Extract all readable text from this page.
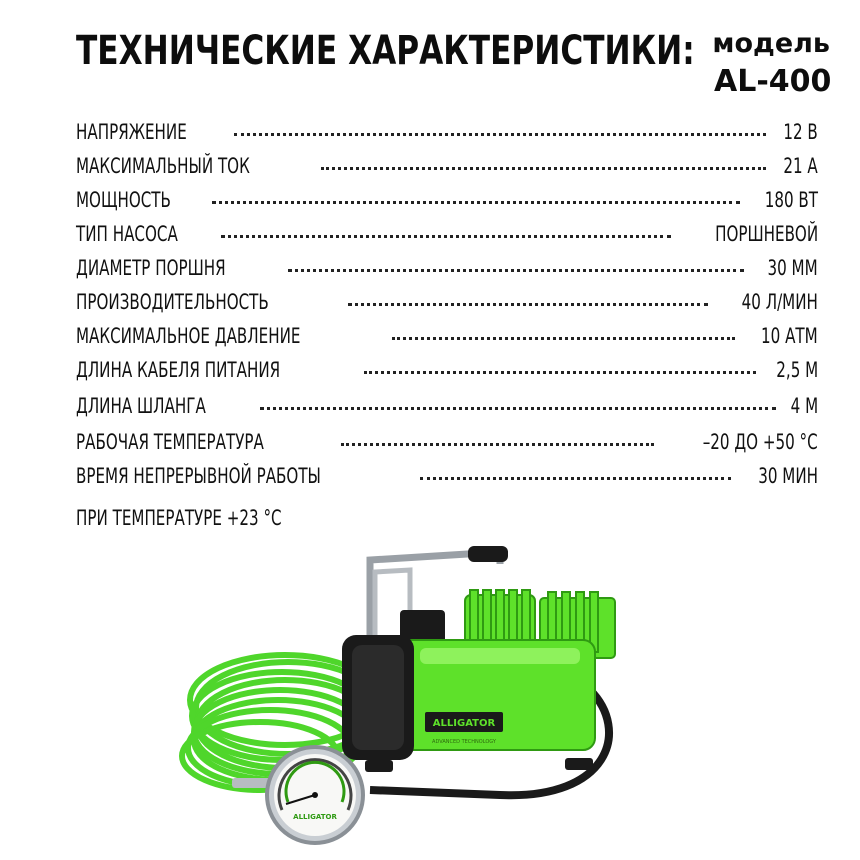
ТЕХНИЧЕСКИЕ ХАРАКТЕРИСТИКИ: модель
AL-400
НАПРЯЖЕНИЕ	12 В
МАКСИМАЛЬНЫЙ ТОК	21 А
МОЩНОСТЬ	180 ВТ
ТИП НАСОСА	ПОРШНЕВОЙ
ДИАМЕТР ПОРШНЯ	30 ММ
ПРОИЗВОДИТЕЛЬНОСТЬ	40 Л/МИН
МАКСИМАЛЬНОЕ ДАВЛЕНИЕ	10 АТМ
ДЛИНА КАБЕЛЯ ПИТАНИЯ	2,5 М
ДЛИНА ШЛАНГА	4 М
РАБОЧАЯ ТЕМПЕРАТУРА	–20 ДО +50 °С
ВРЕМЯ НЕПРЕРЫВНОЙ РАБОТЫ	30 МИН
ПРИ ТЕМПЕРАТУРЕ +23 °С
ALLIGATOR
ADVANCED TECHNOLOGY
ALLIGATOR
